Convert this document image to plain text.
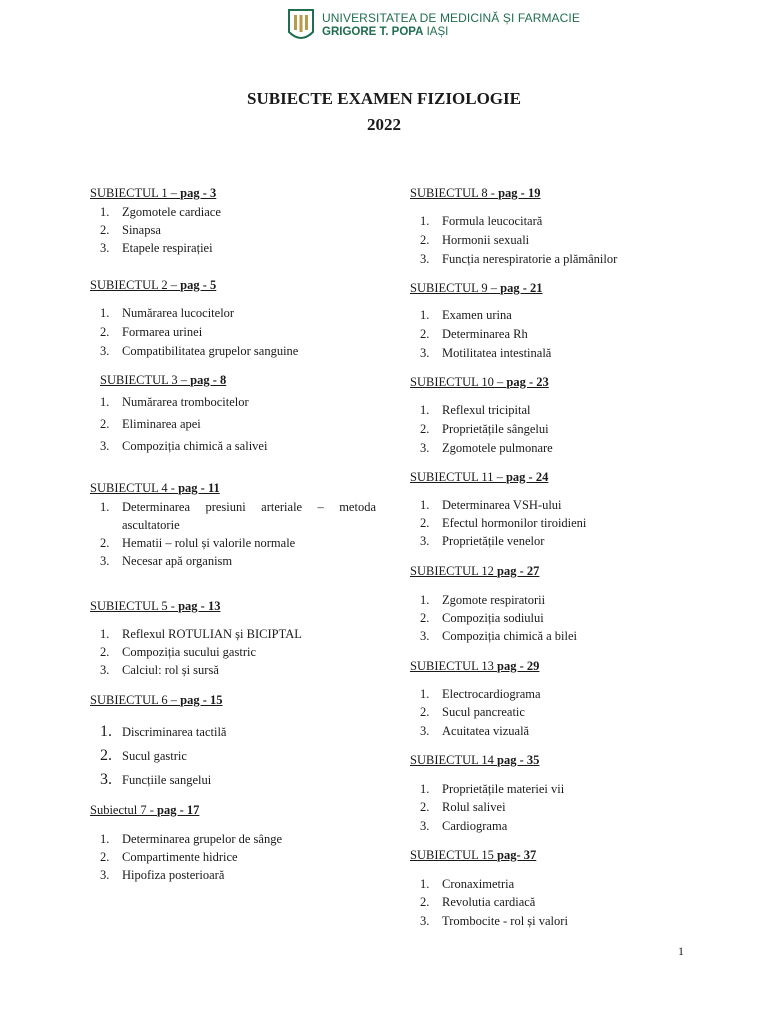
UNIVERSITATEA DE MEDICINĂ ȘI FARMACIE
GRIGORE T. POPA IAȘI
SUBIECTE EXAMEN FIZIOLOGIE
2022
SUBIECTUL 1 – pag - 3
1. Zgomotele cardiace
2. Sinapsa
3. Etapele respirației
SUBIECTUL 2 – pag - 5
1. Numărarea lucocitelor
2. Formarea urinei
3. Compatibilitatea grupelor sanguine
SUBIECTUL 3 – pag - 8
1. Numărarea trombocitelor
2. Eliminarea apei
3. Compoziția chimică a salivei
SUBIECTUL 4 - pag - 11
1. Determinarea presiuni arteriale – metoda
ascultatorie
2. Hematii – rolul și valorile normale
3. Necesar apă organism
SUBIECTUL 5 - pag - 13
1. Reflexul ROTULIAN și BICIPTAL
2. Compoziția sucului gastric
3. Calciul: rol și sursă
SUBIECTUL 6 – pag - 15
1. Discriminarea tactilă
2. Sucul gastric
3. Funcțiile sangelui
Subiectul 7 - pag - 17
1. Determinarea grupelor de sânge
2. Compartimente hidrice
3. Hipofiza posterioară
SUBIECTUL 8 - pag - 19
1. Formula leucocitară
2. Hormonii sexuali
3. Funcția nerespiratorie a plămânilor
SUBIECTUL 9 – pag - 21
1. Examen urina
2. Determinarea Rh
3. Motilitatea intestinală
SUBIECTUL 10 – pag - 23
1. Reflexul tricipital
2. Proprietățile sângelui
3. Zgomotele pulmonare
SUBIECTUL 11 – pag - 24
1. Determinarea VSH-ului
2. Efectul hormonilor tiroidieni
3. Proprietățile venelor
SUBIECTUL 12 pag - 27
1. Zgomote respiratorii
2. Compoziția sodiului
3. Compoziția chimică a bilei
SUBIECTUL 13 pag - 29
1. Electrocardiograma
2. Sucul pancreatic
3. Acuitatea vizuală
SUBIECTUL 14 pag - 35
1. Proprietățile materiei vii
2. Rolul salivei
3. Cardiograma
SUBIECTUL 15 pag- 37
1. Cronaximetria
2. Revolutia cardiacă
3. Trombocite - rol și valori
1
